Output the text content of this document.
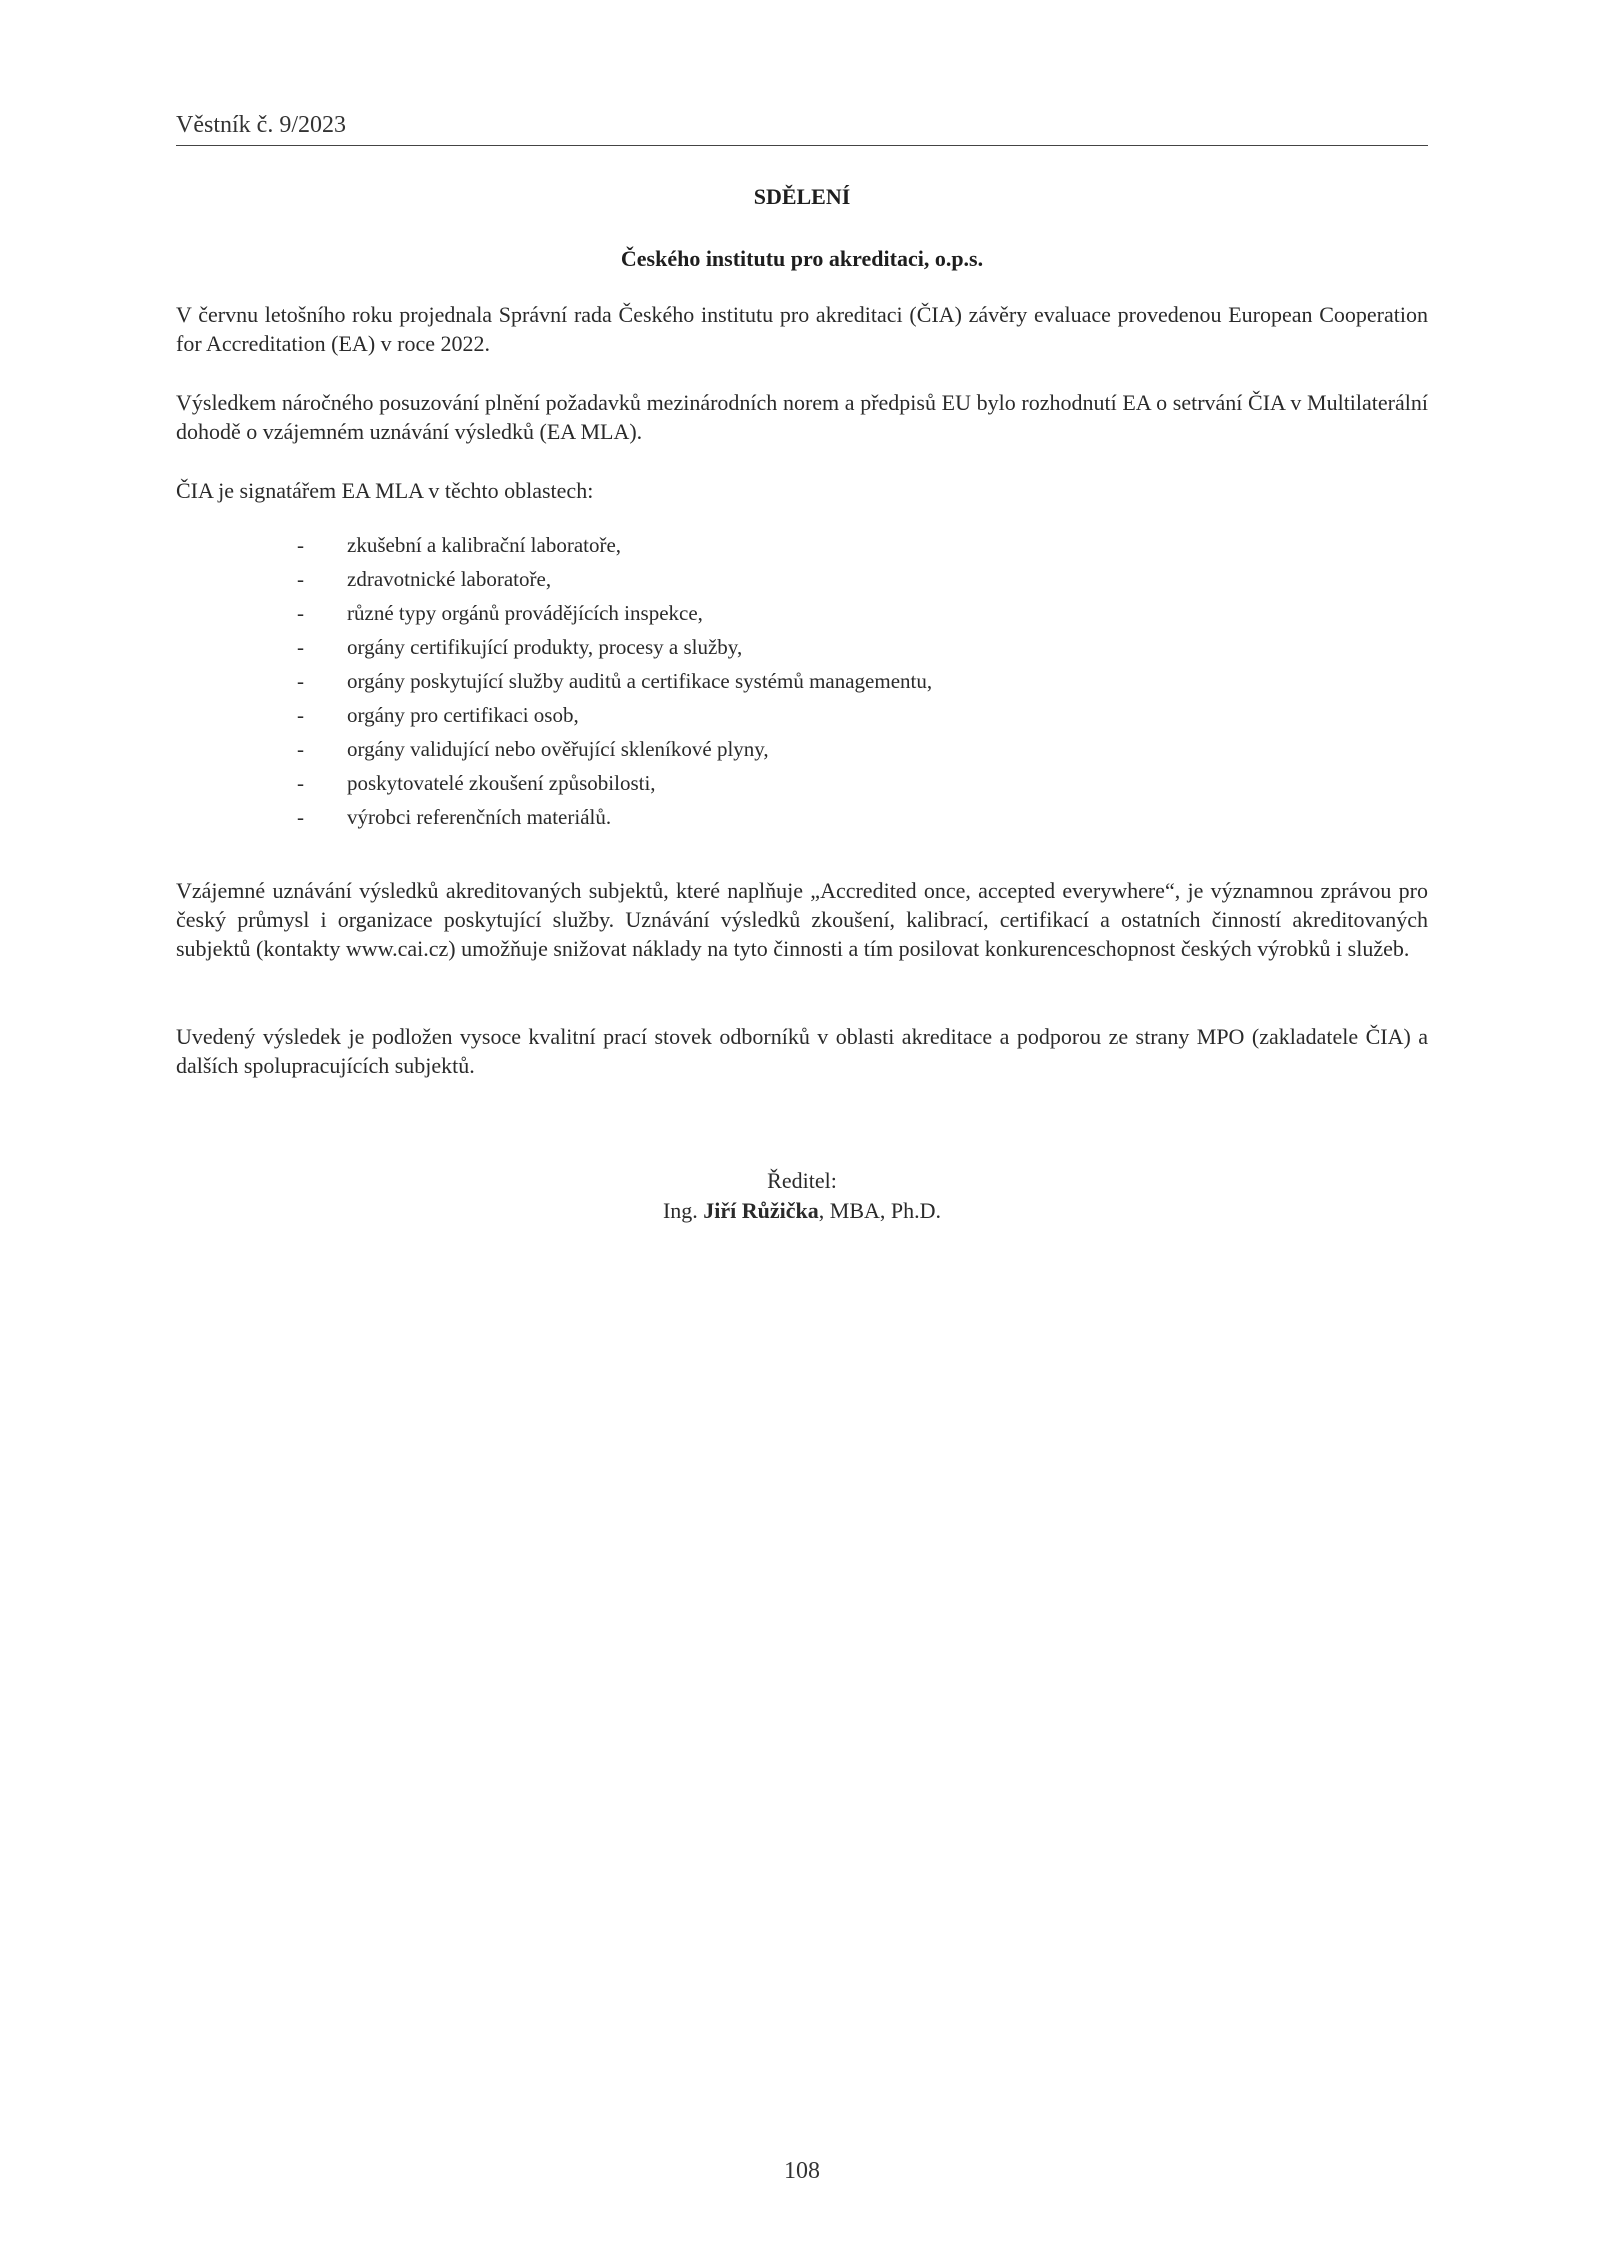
Věstník č. 9/2023
SDĚLENÍ
Českého institutu pro akreditaci, o.p.s.

V červnu letošního roku projednala Správní rada Českého institutu pro akreditaci (ČIA) závěry evaluace provedenou European Cooperation for Accreditation (EA) v roce 2022.

Výsledkem náročného posuzování plnění požadavků mezinárodních norem a předpisů EU bylo rozhodnutí EA o setrvání ČIA v Multilaterální dohodě o vzájemném uznávání výsledků (EA MLA).

ČIA je signatářem EA MLA v těchto oblastech:

- zkušební a kalibrační laboratoře,
- zdravotnické laboratoře,
- různé typy orgánů provádějících inspekce,
- orgány certifikující produkty, procesy a služby,
- orgány poskytující služby auditů a certifikace systémů managementu,
- orgány pro certifikaci osob,
- orgány validující nebo ověřující skleníkové plyny,
- poskytovatelé zkoušení způsobilosti,
- výrobci referenčních materiálů.

Vzájemné uznávání výsledků akreditovaných subjektů, které naplňuje „Accredited once, accepted everywhere“, je významnou zprávou pro český průmysl i organizace poskytující služby. Uznávání výsledků zkoušení, kalibrací, certifikací a ostatních činností akreditovaných subjektů (kontakty www.cai.cz) umožňuje snižovat náklady na tyto činnosti a tím posilovat konkurenceschopnost českých výrobků i služeb.

Uvedený výsledek je podložen vysoce kvalitní prací stovek odborníků v oblasti akreditace a podporou ze strany MPO (zakladatele ČIA) a dalších spolupracujících subjektů.

Ředitel:
Ing. Jiří Růžička, MBA, Ph.D.
108
